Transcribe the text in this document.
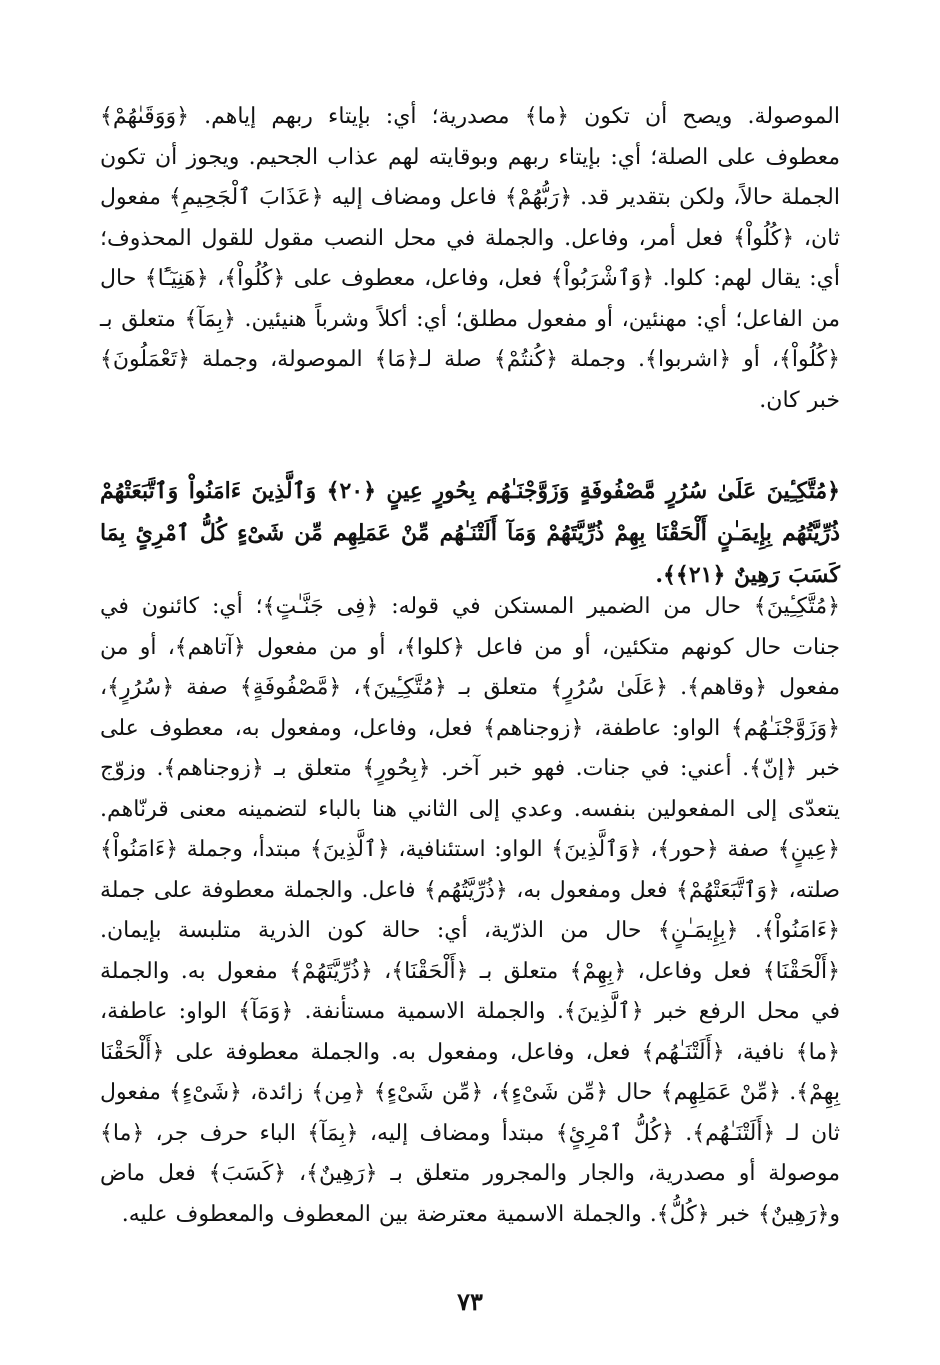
الموصولة. ويصح أن تكون ﴿ما﴾ مصدرية؛ أي: بإيتاء ربهم إياهم. ﴿وَوَقَىٰهُمْ﴾ معطوف على الصلة؛ أي: بإيتاء ربهم وبوقايته لهم عذاب الجحيم. ويجوز أن تكون الجملة حالاً، ولكن بتقدير قد. ﴿رَبُّهُمْ﴾ فاعل ومضاف إليه ﴿عَذَابَ ٱلْجَحِيمِ﴾ مفعول ثان، ﴿كُلُواْ﴾ فعل أمر، وفاعل. والجملة في محل النصب مقول للقول المحذوف؛ أي: يقال لهم: كلوا. ﴿وَٱشْرَبُواْ﴾ فعل، وفاعل، معطوف على ﴿كُلُواْ﴾، ﴿هَنِيٓـًٔا﴾ حال من الفاعل؛ أي: مهنئين، أو مفعول مطلق؛ أي: أكلاً وشرباً هنيئين. ﴿بِمَآ﴾ متعلق بـ ﴿كُلُواْ﴾، أو ﴿اشربوا﴾. وجملة ﴿كُنتُمْ﴾ صلة لـ﴿مَا﴾ الموصولة، وجملة ﴿تَعْمَلُونَ﴾ خبر كان.

﴿مُتَّكِـِٔينَ عَلَىٰ سُرُرٍ مَّصْفُوفَةٍ وَزَوَّجْنَـٰهُم بِحُورٍ عِينٍ ﴿٢٠﴾ وَٱلَّذِينَ ءَامَنُواْ وَٱتَّبَعَتْهُمْ ذُرِّيَّتُهُم بِإِيمَـٰنٍ أَلْحَقْنَا بِهِمْ ذُرِّيَّتَهُمْ وَمَآ أَلَتْنَـٰهُم مِّنْ عَمَلِهِم مِّن شَىْءٍ كُلُّ ٱمْرِئٍ بِمَا كَسَبَ رَهِينٌ ﴿٢١﴾﴾.

﴿مُتَّكِـِٔينَ﴾ حال من الضمير المستكن في قوله: ﴿فِى جَنَّـٰتٍ﴾؛ أي: كائنون في جنات حال كونهم متكئين، أو من فاعل ﴿كلوا﴾، أو من مفعول ﴿آتاهم﴾، أو من مفعول ﴿وقاهم﴾. ﴿عَلَىٰ سُرُرٍ﴾ متعلق بـ ﴿مُتَّكِـِٔينَ﴾، ﴿مَّصْفُوفَةٍ﴾ صفة ﴿سُرُرٍ﴾، ﴿وَزَوَّجْنَـٰهُم﴾ الواو: عاطفة، ﴿زوجناهم﴾ فعل، وفاعل، ومفعول به، معطوف على خبر ﴿إنّ﴾. أعني: في جنات. فهو خبر آخر. ﴿بِحُورٍ﴾ متعلق بـ ﴿زوجناهم﴾. وزوّج يتعدّى إلى المفعولين بنفسه. وعدي إلى الثاني هنا بالباء لتضمينه معنى قرنّاهم. ﴿عِينٍ﴾ صفة ﴿حور﴾، ﴿وَٱلَّذِينَ﴾ الواو: استئنافية، ﴿ٱلَّذِينَ﴾ مبتدأ، وجملة ﴿ءَامَنُواْ﴾ صلته، ﴿وَٱتَّبَعَتْهُمْ﴾ فعل ومفعول به، ﴿ذُرِّيَّتُهُم﴾ فاعل. والجملة معطوفة على جملة ﴿ءَامَنُواْ﴾. ﴿بِإِيمَـٰنٍ﴾ حال من الذرّية، أي: حالة كون الذرية متلبسة بإيمان. ﴿أَلْحَقْنَا﴾ فعل وفاعل، ﴿بِهِمْ﴾ متعلق بـ ﴿أَلْحَقْنَا﴾، ﴿ذُرِّيَّتَهُمْ﴾ مفعول به. والجملة في محل الرفع خبر ﴿ٱلَّذِينَ﴾. والجملة الاسمية مستأنفة. ﴿وَمَآ﴾ الواو: عاطفة، ﴿ما﴾ نافية، ﴿أَلَتْنَـٰهُم﴾ فعل، وفاعل، ومفعول به. والجملة معطوفة على ﴿أَلْحَقْنَا بِهِمْ﴾. ﴿مِّنْ عَمَلِهِم﴾ حال ﴿مِّن شَىْءٍ﴾، ﴿مِّن شَىْءٍ﴾ ﴿مِن﴾ زائدة، ﴿شَىْءٍ﴾ مفعول ثان لـ ﴿أَلَتْنَـٰهُم﴾. ﴿كُلُّ ٱمْرِئٍ﴾ مبتدأ ومضاف إليه، ﴿بِمَآ﴾ الباء حرف جر، ﴿ما﴾ موصولة أو مصدرية، والجار والمجرور متعلق بـ ﴿رَهِينٌ﴾، ﴿كَسَبَ﴾ فعل ماض و﴿رَهِينٌ﴾ خبر ﴿كُلُّ﴾. والجملة الاسمية معترضة بين المعطوف والمعطوف عليه.

٧٣
